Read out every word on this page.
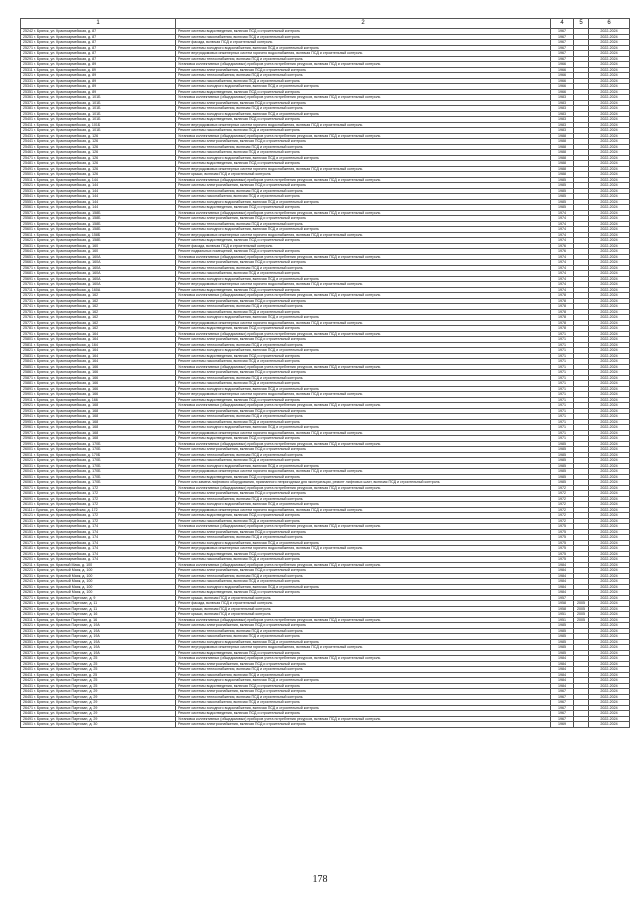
1	2	4	5	6
25242 г. Брянск, ул. Красноармейская, д. 87	Ремонт системы водоотведения, включая ПСД и строительный контроль	1967		2022-2024
25251 г. Брянск, ул. Красноармейская, д. 87	Ремонт системы газоснабжения, включая ПСД и строительный контроль	1967		2022-2024
25261 г. Брянск, ул. Красноармейская, д. 87	Ремонт фасада, включая ПСД и строительный контроль	1967		2022-2024
25271 г. Брянск, ул. Красноармейская, д. 87	Ремонт системы холодного водоснабжения, включая ПСД и строительный контроль	1967		2022-2024
25281 г. Брянск, ул. Красноармейская, д. 87	Ремонт внутридомовых инженерных систем горячего водоснабжения, включая ПСД и строительный контроль	1967		2022-2024
25291 г. Брянск, ул. Красноармейская, д. 87	Ремонт системы теплоснабжения, включая ПСД и строительный контроль	1967		2022-2024
25301 г. Брянск, ул. Красноармейская, д. 89	Установка коллективных (общедомовых) приборов учета потребления ресурсов, включая ПСД и строительный контроль	1966		2022-2024
25311 г. Брянск, ул. Красноармейская, д. 89	Ремонт системы электроснабжения, включая ПСД и строительный контроль	1966		2022-2024
25321 г. Брянск, ул. Красноармейская, д. 89	Ремонт системы теплоснабжения, включая ПСД и строительный контроль	1966		2022-2024
25331 г. Брянск, ул. Красноармейская, д. 89	Ремонт системы газоснабжения, включая ПСД и строительный контроль	1966		2022-2024
25341 г. Брянск, ул. Красноармейская, д. 89	Ремонт системы холодного водоснабжения, включая ПСД и строительный контроль	1966		2022-2024
25351 г. Брянск, ул. Красноармейская, д. 89	Ремонт системы водоотведения, включая ПСД и строительный контроль	1966		2022-2024
25361 г. Брянск, ул. Красноармейская, д. 101Б	Установка коллективных (общедомовых) приборов учета потребления ресурсов, включая ПСД и строительный контроль	1983		2022-2024
25371 г. Брянск, ул. Красноармейская, д. 101Б	Ремонт системы электроснабжения, включая ПСД и строительный контроль	1983		2022-2024
25381 г. Брянск, ул. Красноармейская, д. 101Б	Ремонт системы теплоснабжения, включая ПСД и строительный контроль	1983		2022-2024
25391 г. Брянск, ул. Красноармейская, д. 101Б	Ремонт системы холодного водоснабжения, включая ПСД и строительный контроль	1983		2022-2024
25401 г. Брянск, ул. Красноармейская, д. 101Б	Ремонт системы водоотведения, включая ПСД и строительный контроль	1983		2022-2024
25411 г. Брянск, ул. Красноармейская, д. 101Б	Ремонт внутридомовых инженерных систем горячего водоснабжения, включая ПСД и строительный контроль	1983		2022-2024
25421 г. Брянск, ул. Красноармейская, д. 101Б	Ремонт системы газоснабжения, включая ПСД и строительный контроль	1983		2022-2024
25431 г. Брянск, ул. Красноармейская, д. 126	Установка коллективных (общедомовых) приборов учета потребления ресурсов, включая ПСД и строительный контроль	1988		2022-2024
25441 г. Брянск, ул. Красноармейская, д. 126	Ремонт системы электроснабжения, включая ПСД и строительный контроль	1988		2022-2024
25451 г. Брянск, ул. Красноармейская, д. 126	Ремонт системы теплоснабжения, включая ПСД и строительный контроль	1988		2022-2024
25461 г. Брянск, ул. Красноармейская, д. 126	Ремонт системы газоснабжения, включая ПСД и строительный контроль	1988		2022-2024
25471 г. Брянск, ул. Красноармейская, д. 126	Ремонт системы холодного водоснабжения, включая ПСД и строительный контроль	1988		2022-2024
25481 г. Брянск, ул. Красноармейская, д. 126	Ремонт системы водоотведения, включая ПСД и строительный контроль	1988		2022-2024
25491 г. Брянск, ул. Красноармейская, д. 126	Ремонт внутридомовых инженерных систем горячего водоснабжения, включая ПСД и строительный контроль	1988		2022-2024
25501 г. Брянск, ул. Красноармейская, д. 126	Ремонт крыши, включая ПСД и строительный контроль	1988		2022-2024
25511 г. Брянск, ул. Красноармейская, д. 144	Установка коллективных (общедомовых) приборов учета потребления ресурсов, включая ПСД и строительный контроль	1985		2022-2024
25521 г. Брянск, ул. Красноармейская, д. 144	Ремонт системы электроснабжения, включая ПСД и строительный контроль	1985		2022-2024
25531 г. Брянск, ул. Красноармейская, д. 144	Ремонт системы теплоснабжения, включая ПСД и строительный контроль	1985		2022-2024
25541 г. Брянск, ул. Красноармейская, д. 144	Ремонт системы газоснабжения, включая ПСД и строительный контроль	1985		2022-2024
25551 г. Брянск, ул. Красноармейская, д. 144	Ремонт системы холодного водоснабжения, включая ПСД и строительный контроль	1985		2022-2024
25561 г. Брянск, ул. Красноармейская, д. 144	Ремонт системы водоотведения, включая ПСД и строительный контроль	1985		2022-2024
25571 г. Брянск, ул. Красноармейская, д. 158Б	Установка коллективных (общедомовых) приборов учета потребления ресурсов, включая ПСД и строительный контроль	1974		2022-2024
25581 г. Брянск, ул. Красноармейская, д. 158Б	Ремонт системы электроснабжения, включая ПСД и строительный контроль	1974		2022-2024
25591 г. Брянск, ул. Красноармейская, д. 158Б	Ремонт системы теплоснабжения, включая ПСД и строительный контроль	1974		2022-2024
25601 г. Брянск, ул. Красноармейская, д. 158Б	Ремонт системы холодного водоснабжения, включая ПСД и строительный контроль	1974		2022-2024
25611 г. Брянск, ул. Красноармейская, д. 158Б	Ремонт внутридомовых инженерных систем горячего водоснабжения, включая ПСД и строительный контроль	1974		2022-2024
25621 г. Брянск, ул. Красноармейская, д. 158Б	Ремонт системы водоотведения, включая ПСД и строительный контроль	1974		2022-2024
25631 г. Брянск, ул. Красноармейская, д. 160	Ремонт фасада, включая ПСД и строительный контроль	1976		2022-2024
25641 г. Брянск, ул. Красноармейская, д. 160	Ремонт подвальных помещений, включая ПСД и строительный контроль	1976		2022-2024
25651 г. Брянск, ул. Красноармейская, д. 160А	Установка коллективных (общедомовых) приборов учета потребления ресурсов, включая ПСД и строительный контроль	1974		2022-2024
25661 г. Брянск, ул. Красноармейская, д. 160А	Ремонт системы электроснабжения, включая ПСД и строительный контроль	1974		2022-2024
25671 г. Брянск, ул. Красноармейская, д. 160А	Ремонт системы теплоснабжения, включая ПСД и строительный контроль	1974		2022-2024
25681 г. Брянск, ул. Красноармейская, д. 160А	Ремонт системы газоснабжения, включая ПСД и строительный контроль	1974		2022-2024
25691 г. Брянск, ул. Красноармейская, д. 160А	Ремонт системы холодного водоснабжения, включая ПСД и строительный контроль	1974		2022-2024
25701 г. Брянск, ул. Красноармейская, д. 160А	Ремонт внутридомовых инженерных систем горячего водоснабжения, включая ПСД и строительный контроль	1974		2022-2024
25711 г. Брянск, ул. Красноармейская, д. 160А	Ремонт системы водоотведения, включая ПСД и строительный контроль	1974		2022-2024
25721 г. Брянск, ул. Красноармейская, д. 162	Установка коллективных (общедомовых) приборов учета потребления ресурсов, включая ПСД и строительный контроль	1978		2022-2024
25731 г. Брянск, ул. Красноармейская, д. 162	Ремонт системы электроснабжения, включая ПСД и строительный контроль	1978		2022-2024
25741 г. Брянск, ул. Красноармейская, д. 162	Ремонт системы теплоснабжения, включая ПСД и строительный контроль	1978		2022-2024
25751 г. Брянск, ул. Красноармейская, д. 162	Ремонт системы газоснабжения, включая ПСД и строительный контроль	1978		2022-2024
25761 г. Брянск, ул. Красноармейская, д. 162	Ремонт системы холодного водоснабжения, включая ПСД и строительный контроль	1978		2022-2024
25771 г. Брянск, ул. Красноармейская, д. 162	Ремонт внутридомовых инженерных систем горячего водоснабжения, включая ПСД и строительный контроль	1978		2022-2024
25781 г. Брянск, ул. Красноармейская, д. 162	Ремонт системы водоотведения, включая ПСД и строительный контроль	1978		2022-2024
25791 г. Брянск, ул. Красноармейская, д. 164	Установка коллективных (общедомовых) приборов учета потребления ресурсов, включая ПСД и строительный контроль	1971		2022-2024
25801 г. Брянск, ул. Красноармейская, д. 164	Ремонт системы электроснабжения, включая ПСД и строительный контроль	1971		2022-2024
25811 г. Брянск, ул. Красноармейская, д. 164	Ремонт системы теплоснабжения, включая ПСД и строительный контроль	1971		2022-2024
25821 г. Брянск, ул. Красноармейская, д. 164	Ремонт системы холодного водоснабжения, включая ПСД и строительный контроль	1971		2022-2024
25831 г. Брянск, ул. Красноармейская, д. 164	Ремонт системы водоотведения, включая ПСД и строительный контроль	1971		2022-2024
25841 г. Брянск, ул. Красноармейская, д. 164	Ремонт системы газоснабжения, включая ПСД и строительный контроль	1971		2022-2024
25851 г. Брянск, ул. Красноармейская, д. 166	Установка коллективных (общедомовых) приборов учета потребления ресурсов, включая ПСД и строительный контроль	1971		2022-2024
25861 г. Брянск, ул. Красноармейская, д. 166	Ремонт системы электроснабжения, включая ПСД и строительный контроль	1971		2022-2024
25871 г. Брянск, ул. Красноармейская, д. 166	Ремонт системы теплоснабжения, включая ПСД и строительный контроль	1971		2022-2024
25881 г. Брянск, ул. Красноармейская, д. 166	Ремонт системы газоснабжения, включая ПСД и строительный контроль	1971		2022-2024
25891 г. Брянск, ул. Красноармейская, д. 166	Ремонт системы холодного водоснабжения, включая ПСД и строительный контроль	1971		2022-2024
25901 г. Брянск, ул. Красноармейская, д. 166	Ремонт внутридомовых инженерных систем горячего водоснабжения, включая ПСД и строительный контроль	1971		2022-2024
25911 г. Брянск, ул. Красноармейская, д. 166	Ремонт системы водоотведения, включая ПСД и строительный контроль	1971		2022-2024
25921 г. Брянск, ул. Красноармейская, д. 168	Установка коллективных (общедомовых) приборов учета потребления ресурсов, включая ПСД и строительный контроль	1971		2022-2024
25931 г. Брянск, ул. Красноармейская, д. 168	Ремонт системы электроснабжения, включая ПСД и строительный контроль	1971		2022-2024
25941 г. Брянск, ул. Красноармейская, д. 168	Ремонт системы теплоснабжения, включая ПСД и строительный контроль	1971		2022-2024
25951 г. Брянск, ул. Красноармейская, д. 168	Ремонт системы газоснабжения, включая ПСД и строительный контроль	1971		2022-2024
25961 г. Брянск, ул. Красноармейская, д. 168	Ремонт системы холодного водоснабжения, включая ПСД и строительный контроль	1971		2022-2024
25971 г. Брянск, ул. Красноармейская, д. 168	Ремонт внутридомовых инженерных систем горячего водоснабжения, включая ПСД и строительный контроль	1971		2022-2024
25981 г. Брянск, ул. Красноармейская, д. 168	Ремонт системы водоотведения, включая ПСД и строительный контроль	1971		2022-2024
25991 г. Брянск, ул. Красноармейская, д. 170Б	Установка коллективных (общедомовых) приборов учета потребления ресурсов, включая ПСД и строительный контроль	1985		2022-2024
26001 г. Брянск, ул. Красноармейская, д. 170Б	Ремонт системы электроснабжения, включая ПСД и строительный контроль	1985		2022-2024
26011 г. Брянск, ул. Красноармейская, д. 170Б	Ремонт системы теплоснабжения, включая ПСД и строительный контроль	1985		2022-2024
26021 г. Брянск, ул. Красноармейская, д. 170Б	Ремонт системы газоснабжения, включая ПСД и строительный контроль	1985		2022-2024
26031 г. Брянск, ул. Красноармейская, д. 170Б	Ремонт системы холодного водоснабжения, включая ПСД и строительный контроль	1985		2022-2024
26041 г. Брянск, ул. Красноармейская, д. 170Б	Ремонт внутридомовых инженерных систем горячего водоснабжения, включая ПСД и строительный контроль	1985		2022-2024
26051 г. Брянск, ул. Красноармейская, д. 170Б	Ремонт системы водоотведения, включая ПСД и строительный контроль	1985		2022-2024
26061 г. Брянск, ул. Красноармейская, д. 170Б	Ремонт или замена лифтового оборудования, признанного непригодным для эксплуатации, ремонт лифтовых шахт, включая ПСД и строительный контроль	1985		2022-2024
26071 г. Брянск, ул. Красноармейская, д. 172	Установка коллективных (общедомовых) приборов учета потребления ресурсов, включая ПСД и строительный контроль	1972		2022-2024
26081 г. Брянск, ул. Красноармейская, д. 172	Ремонт системы электроснабжения, включая ПСД и строительный контроль	1972		2022-2024
26091 г. Брянск, ул. Красноармейская, д. 172	Ремонт системы теплоснабжения, включая ПСД и строительный контроль	1972		2022-2024
26101 г. Брянск, ул. Красноармейская, д. 172	Ремонт системы холодного водоснабжения, включая ПСД и строительный контроль	1972		2022-2024
26111 г. Брянск, ул. Красноармейская, д. 172	Ремонт внутридомовых инженерных систем горячего водоснабжения, включая ПСД и строительный контроль	1972		2022-2024
26121 г. Брянск, ул. Красноармейская, д. 172	Ремонт системы водоотведения, включая ПСД и строительный контроль	1972		2022-2024
26131 г. Брянск, ул. Красноармейская, д. 172	Ремонт системы газоснабжения, включая ПСД и строительный контроль	1972		2022-2024
26141 г. Брянск, ул. Красноармейская, д. 174	Установка коллективных (общедомовых) приборов учета потребления ресурсов, включая ПСД и строительный контроль	1975		2022-2024
26151 г. Брянск, ул. Красноармейская, д. 174	Ремонт системы электроснабжения, включая ПСД и строительный контроль	1975		2022-2024
26161 г. Брянск, ул. Красноармейская, д. 174	Ремонт системы теплоснабжения, включая ПСД и строительный контроль	1975		2022-2024
26171 г. Брянск, ул. Красноармейская, д. 174	Ремонт системы холодного водоснабжения, включая ПСД и строительный контроль	1975		2022-2024
26181 г. Брянск, ул. Красноармейская, д. 174	Ремонт внутридомовых инженерных систем горячего водоснабжения, включая ПСД и строительный контроль	1975		2022-2024
26191 г. Брянск, ул. Красноармейская, д. 174	Ремонт системы водоотведения, включая ПСД и строительный контроль	1975		2022-2024
26201 г. Брянск, ул. Красноармейская, д. 174	Ремонт системы газоснабжения, включая ПСД и строительный контроль	1975		2022-2024
26211 г. Брянск, ул. Красный Маяк, д. 100	Установка коллективных (общедомовых) приборов учета потребления ресурсов, включая ПСД и строительный контроль	1984		2022-2024
26221 г. Брянск, ул. Красный Маяк, д. 100	Ремонт системы электроснабжения, включая ПСД и строительный контроль	1984		2022-2024
26231 г. Брянск, ул. Красный Маяк, д. 100	Ремонт системы теплоснабжения, включая ПСД и строительный контроль	1984		2022-2024
26241 г. Брянск, ул. Красный Маяк, д. 100	Ремонт системы газоснабжения, включая ПСД и строительный контроль	1984		2022-2024
26251 г. Брянск, ул. Красный Маяк, д. 100	Ремонт системы холодного водоснабжения, включая ПСД и строительный контроль	1984		2022-2024
26261 г. Брянск, ул. Красный Маяк, д. 100	Ремонт системы водоотведения, включая ПСД и строительный контроль	1984		2022-2024
26271 г. Брянск, ул. Красных Партизан, д. 9	Ремонт крыши, включая ПСД и строительный контроль	1957		2022-2024
26281 г. Брянск, ул. Красных Партизан, д. 11	Ремонт фасада, включая ПСД и строительный контроль	1958	2005	2022-2024
26291 г. Брянск, ул. Красных Партизан, д. 11	Ремонт крыши, включая ПСД и строительный контроль	1958	2005	2022-2024
26301 г. Брянск, ул. Красных Партизан, д. 16	Ремонт крыши, включая ПСД и строительный контроль	1951	2005	2022-2024
26311 г. Брянск, ул. Красных Партизан, д. 16	Установка коллективных (общедомовых) приборов учета потребления ресурсов, включая ПСД и строительный контроль	1951	2005	2022-2024
26321 г. Брянск, ул. Красных Партизан, д. 19А	Ремонт системы электроснабжения, включая ПСД и строительный контроль	1985		2022-2024
26331 г. Брянск, ул. Красных Партизан, д. 19А	Ремонт системы теплоснабжения, включая ПСД и строительный контроль	1985		2022-2024
26341 г. Брянск, ул. Красных Партизан, д. 19А	Ремонт системы газоснабжения, включая ПСД и строительный контроль	1985		2022-2024
26351 г. Брянск, ул. Красных Партизан, д. 19А	Ремонт системы холодного водоснабжения, включая ПСД и строительный контроль	1985		2022-2024
26361 г. Брянск, ул. Красных Партизан, д. 19А	Ремонт внутридомовых инженерных систем горячего водоснабжения, включая ПСД и строительный контроль	1985		2022-2024
26371 г. Брянск, ул. Красных Партизан, д. 19А	Ремонт системы водоотведения, включая ПСД и строительный контроль	1985		2022-2024
26381 г. Брянск, ул. Красных Партизан, д. 25	Установка коллективных (общедомовых) приборов учета потребления ресурсов, включая ПСД и строительный контроль	1984		2022-2024
26391 г. Брянск, ул. Красных Партизан, д. 25	Ремонт системы электроснабжения, включая ПСД и строительный контроль	1984		2022-2024
26401 г. Брянск, ул. Красных Партизан, д. 25	Ремонт системы теплоснабжения, включая ПСД и строительный контроль	1984		2022-2024
26411 г. Брянск, ул. Красных Партизан, д. 25	Ремонт системы газоснабжения, включая ПСД и строительный контроль	1984		2022-2024
26421 г. Брянск, ул. Красных Партизан, д. 25	Ремонт системы холодного водоснабжения, включая ПСД и строительный контроль	1984		2022-2024
26431 г. Брянск, ул. Красных Партизан, д. 25	Ремонт системы водоотведения, включая ПСД и строительный контроль	1984		2022-2024
26441 г. Брянск, ул. Красных Партизан, д. 29	Ремонт системы электроснабжения, включая ПСД и строительный контроль	1967		2022-2024
26451 г. Брянск, ул. Красных Партизан, д. 29	Ремонт системы теплоснабжения, включая ПСД и строительный контроль	1967		2022-2024
26461 г. Брянск, ул. Красных Партизан, д. 29	Ремонт системы газоснабжения, включая ПСД и строительный контроль	1967		2022-2024
26471 г. Брянск, ул. Красных Партизан, д. 29	Ремонт системы холодного водоснабжения, включая ПСД и строительный контроль	1967		2022-2024
26481 г. Брянск, ул. Красных Партизан, д. 29	Ремонт системы водоотведения, включая ПСД и строительный контроль	1967		2022-2024
26491 г. Брянск, ул. Красных Партизан, д. 29	Установка коллективных (общедомовых) приборов учета потребления ресурсов, включая ПСД и строительный контроль	1967		2022-2024
26501 г. Брянск, ул. Красных Партизан, д. 30	Ремонт системы электроснабжения, включая ПСД и строительный контроль	1969		2022-2024
178
